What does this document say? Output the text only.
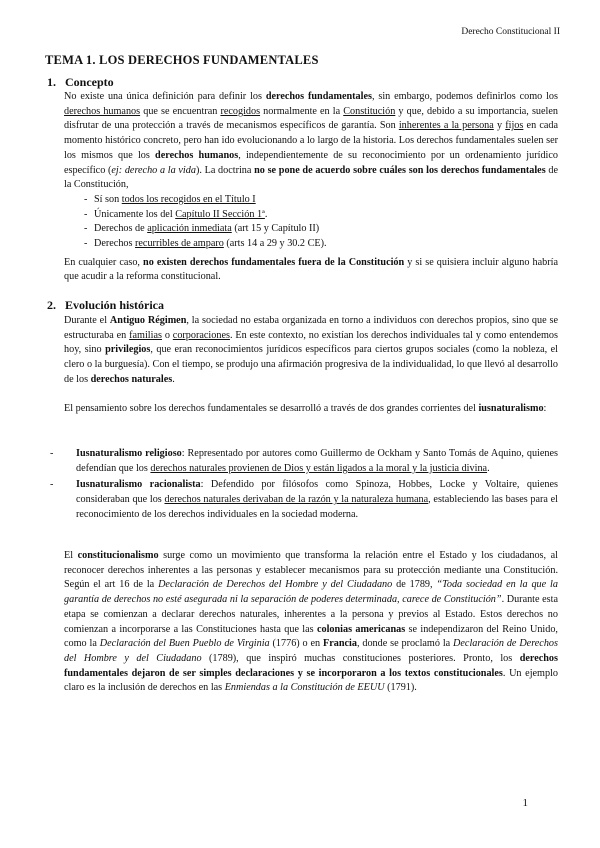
Derecho Constitucional II
TEMA 1. LOS DERECHOS FUNDAMENTALES
1. Concepto

No existe una única definición para definir los derechos fundamentales, sin embargo, podemos definirlos como los derechos humanos que se encuentran recogidos normalmente en la Constitución y que, debido a su importancia, suelen disfrutar de una protección a través de mecanismos específicos de garantía. Son inherentes a la persona y fijos en cada momento histórico concreto, pero han ido evolucionando a lo largo de la historia. Los derechos fundamentales suelen ser los mismos que los derechos humanos, independientemente de su reconocimiento por un ordenamiento jurídico específico (ej: derecho a la vida). La doctrina no se pone de acuerdo sobre cuáles son los derechos fundamentales de la Constitución,

- Sí son todos los recogidos en el Título I
- Únicamente los del Capítulo II Sección 1ª.
- Derechos de aplicación inmediata (art 15 y Capítulo II)
- Derechos recurribles de amparo (arts 14 a 29 y 30.2 CE).

En cualquier caso, no existen derechos fundamentales fuera de la Constitución y si se quisiera incluir alguno habría que acudir a la reforma constitucional.

2. Evolución histórica

Durante el Antiguo Régimen, la sociedad no estaba organizada en torno a individuos con derechos propios, sino que se estructuraba en familias o corporaciones. En este contexto, no existían los derechos individuales tal y como entendemos hoy, sino privilegios, que eran reconocimientos jurídicos específicos para ciertos grupos sociales (como la nobleza, el clero o la burguesía). Con el tiempo, se produjo una afirmación progresiva de la individualidad, lo que llevó al desarrollo de los derechos naturales.

El pensamiento sobre los derechos fundamentales se desarrolló a través de dos grandes corrientes del iusnaturalismo:

- Iusnaturalismo religioso: Representado por autores como Guillermo de Ockham y Santo Tomás de Aquino, quienes defendían que los derechos naturales provienen de Dios y están ligados a la moral y la justicia divina.
- Iusnaturalismo racionalista: Defendido por filósofos como Spinoza, Hobbes, Locke y Voltaire, quienes consideraban que los derechos naturales derivaban de la razón y la naturaleza humana, estableciendo las bases para el reconocimiento de los derechos individuales en la sociedad moderna.

El constitucionalismo surge como un movimiento que transforma la relación entre el Estado y los ciudadanos, al reconocer derechos inherentes a las personas y establecer mecanismos para su protección mediante una Constitución. Según el art 16 de la Declaración de Derechos del Hombre y del Ciudadano de 1789, “Toda sociedad en la que la garantía de derechos no esté asegurada ni la separación de poderes determinada, carece de Constitución”. Durante esta etapa se comienzan a declarar derechos naturales, inherentes a la persona y previos al Estado. Estos derechos no comienzan a incorporarse a las Constituciones hasta que las colonias americanas se independizaron del Reino Unido, como la Declaración del Buen Pueblo de Virginia (1776) o en Francia, donde se proclamó la Declaración de Derechos del Hombre y del Ciudadano (1789), que inspiró muchas constituciones posteriores. Pronto, los derechos fundamentales dejaron de ser simples declaraciones y se incorporaron a los textos constitucionales. Un ejemplo claro es la inclusión de derechos en las Enmiendas a la Constitución de EEUU (1791).

1
